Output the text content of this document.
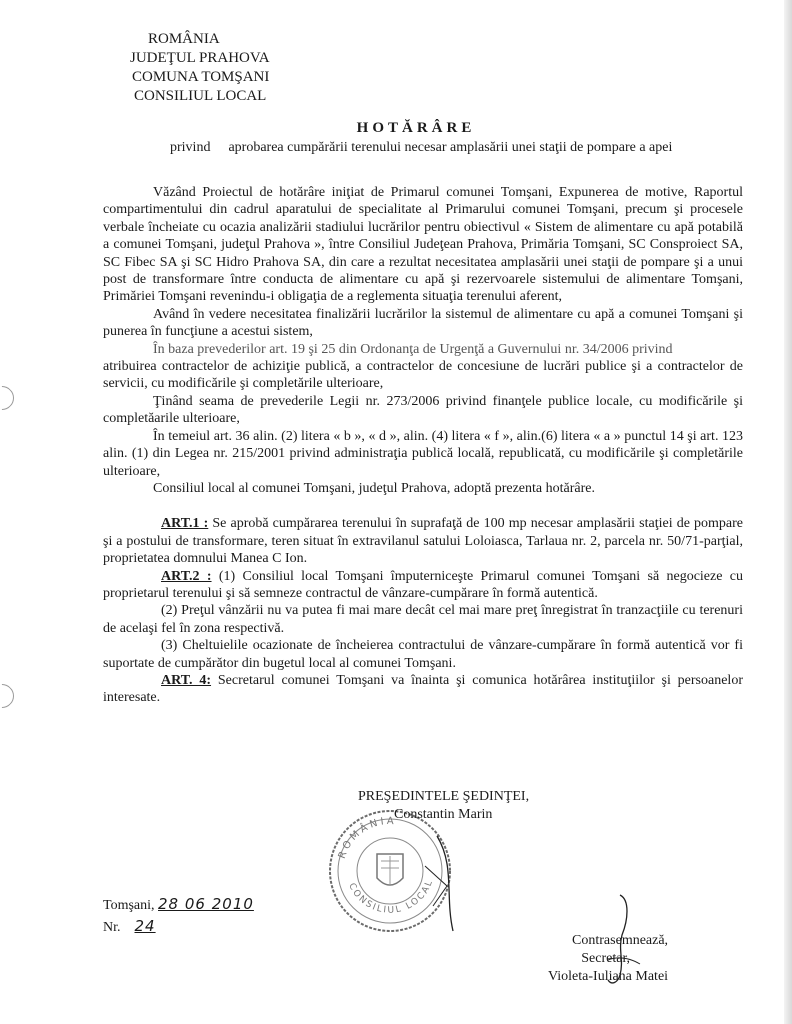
ROMÂNIA
JUDEŢUL PRAHOVA
COMUNA TOMŞANI
CONSILIUL LOCAL
HOTĂRÂRE
privind aprobarea cumpărării terenului necesar amplasării unei staţii de pompare a apei

Văzând Proiectul de hotărâre iniţiat de Primarul comunei Tomşani, Expunerea de motive, Raportul compartimentului din cadrul aparatului de specialitate al Primarului comunei Tomşani, precum şi procesele verbale încheiate cu ocazia analizării stadiului lucrărilor pentru obiectivul « Sistem de alimentare cu apă potabilă a comunei Tomşani, judeţul Prahova », între Consiliul Judeţean Prahova, Primăria Tomşani, SC Consproiect SA, SC Fibec SA şi SC Hidro Prahova SA, din care a rezultat necesitatea amplasării unei staţii de pompare şi a unui post de transformare între conducta de alimentare cu apă şi rezervoarele sistemului de alimentare Tomşani, Primăriei Tomşani revenindu-i obligaţia de a reglementa situaţia terenului aferent,

Având în vedere necesitatea finalizării lucrărilor la sistemul de alimentare cu apă a comunei Tomşani şi punerea în funcţiune a acestui sistem,

În baza prevederilor art. 19 şi 25 din Ordonanţa de Urgenţă a Guvernului nr. 34/2006 privind

atribuirea contractelor de achiziţie publică, a contractelor de concesiune de lucrări publice şi a contractelor de servicii, cu modificările şi completările ulterioare,

Ţinând seama de prevederile Legii nr. 273/2006 privind finanţele publice locale, cu modificările şi completăarile ulterioare,

În temeiul art. 36 alin. (2) litera « b », « d », alin. (4) litera « f », alin.(6) litera « a » punctul 14 şi art. 123 alin. (1) din Legea nr. 215/2001 privind administraţia publică locală, republicată, cu modificările şi completările ulterioare,

Consiliul local al comunei Tomşani, judeţul Prahova, adoptă prezenta hotărâre.

ART.1 : Se aprobă cumpărarea terenului în suprafaţă de 100 mp necesar amplasării staţiei de pompare şi a postului de transformare, teren situat în extravilanul satului Loloiasca, Tarlaua nr. 2, parcela nr. 50/71-parţial, proprietatea domnului Manea C Ion.

ART.2 : (1) Consiliul local Tomşani împuterniceşte Primarul comunei Tomşani să negocieze cu proprietarul terenului şi să semneze contractul de vânzare-cumpărare în formă autentică.

(2) Preţul vânzării nu va putea fi mai mare decât cel mai mare preţ înregistrat în tranzacţiile cu terenuri de acelaşi fel în zona respectivă.

(3) Cheltuielile ocazionate de încheierea contractului de vânzare-cumpărare în formă autentică vor fi suportate de cumpărător din bugetul local al comunei Tomşani.

ART. 4: Secretarul comunei Tomşani va înainta şi comunica hotărârea instituţiilor şi persoanelor interesate.

ROMÂNIA
CONSILIUL LOCAL
PREŞEDINTELE ŞEDINŢEI,
Constantin Marin
Tomşani, 28 06 2010
Nr. 24
Contrasemnează,
Secretar,
Violeta-Iuliana Matei
